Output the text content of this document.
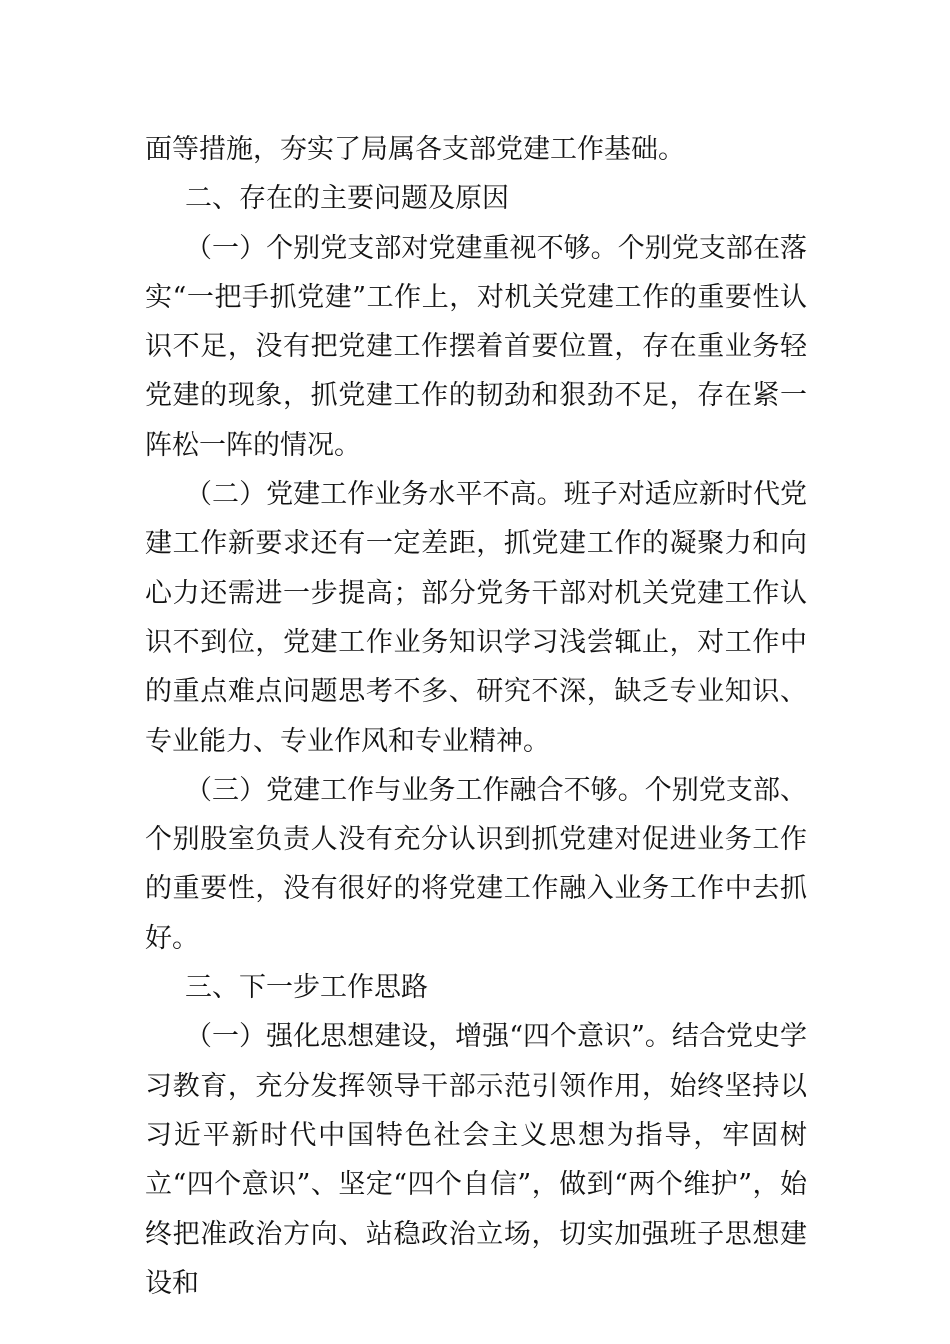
面等措施，夯实了局属各支部党建工作基础。

二、存在的主要问题及原因

（一）个别党支部对党建重视不够。个别党支部在落实“一把手抓党建”工作上，对机关党建工作的重要性认识不足，没有把党建工作摆着首要位置，存在重业务轻党建的现象，抓党建工作的韧劲和狠劲不足，存在紧一阵松一阵的情况。

（二）党建工作业务水平不高。班子对适应新时代党建工作新要求还有一定差距，抓党建工作的凝聚力和向心力还需进一步提高；部分党务干部对机关党建工作认识不到位，党建工作业务知识学习浅尝辄止，对工作中的重点难点问题思考不多、研究不深，缺乏专业知识、专业能力、专业作风和专业精神。

（三）党建工作与业务工作融合不够。个别党支部、个别股室负责人没有充分认识到抓党建对促进业务工作的重要性，没有很好的将党建工作融入业务工作中去抓好。

三、下一步工作思路

（一）强化思想建设，增强“四个意识”。结合党史学习教育，充分发挥领导干部示范引领作用，始终坚持以习近平新时代中国特色社会主义思想为指导，牢固树立“四个意识”、坚定“四个自信”，做到“两个维护”，始终把准政治方向、站稳政治立场，切实加强班子思想建设和
